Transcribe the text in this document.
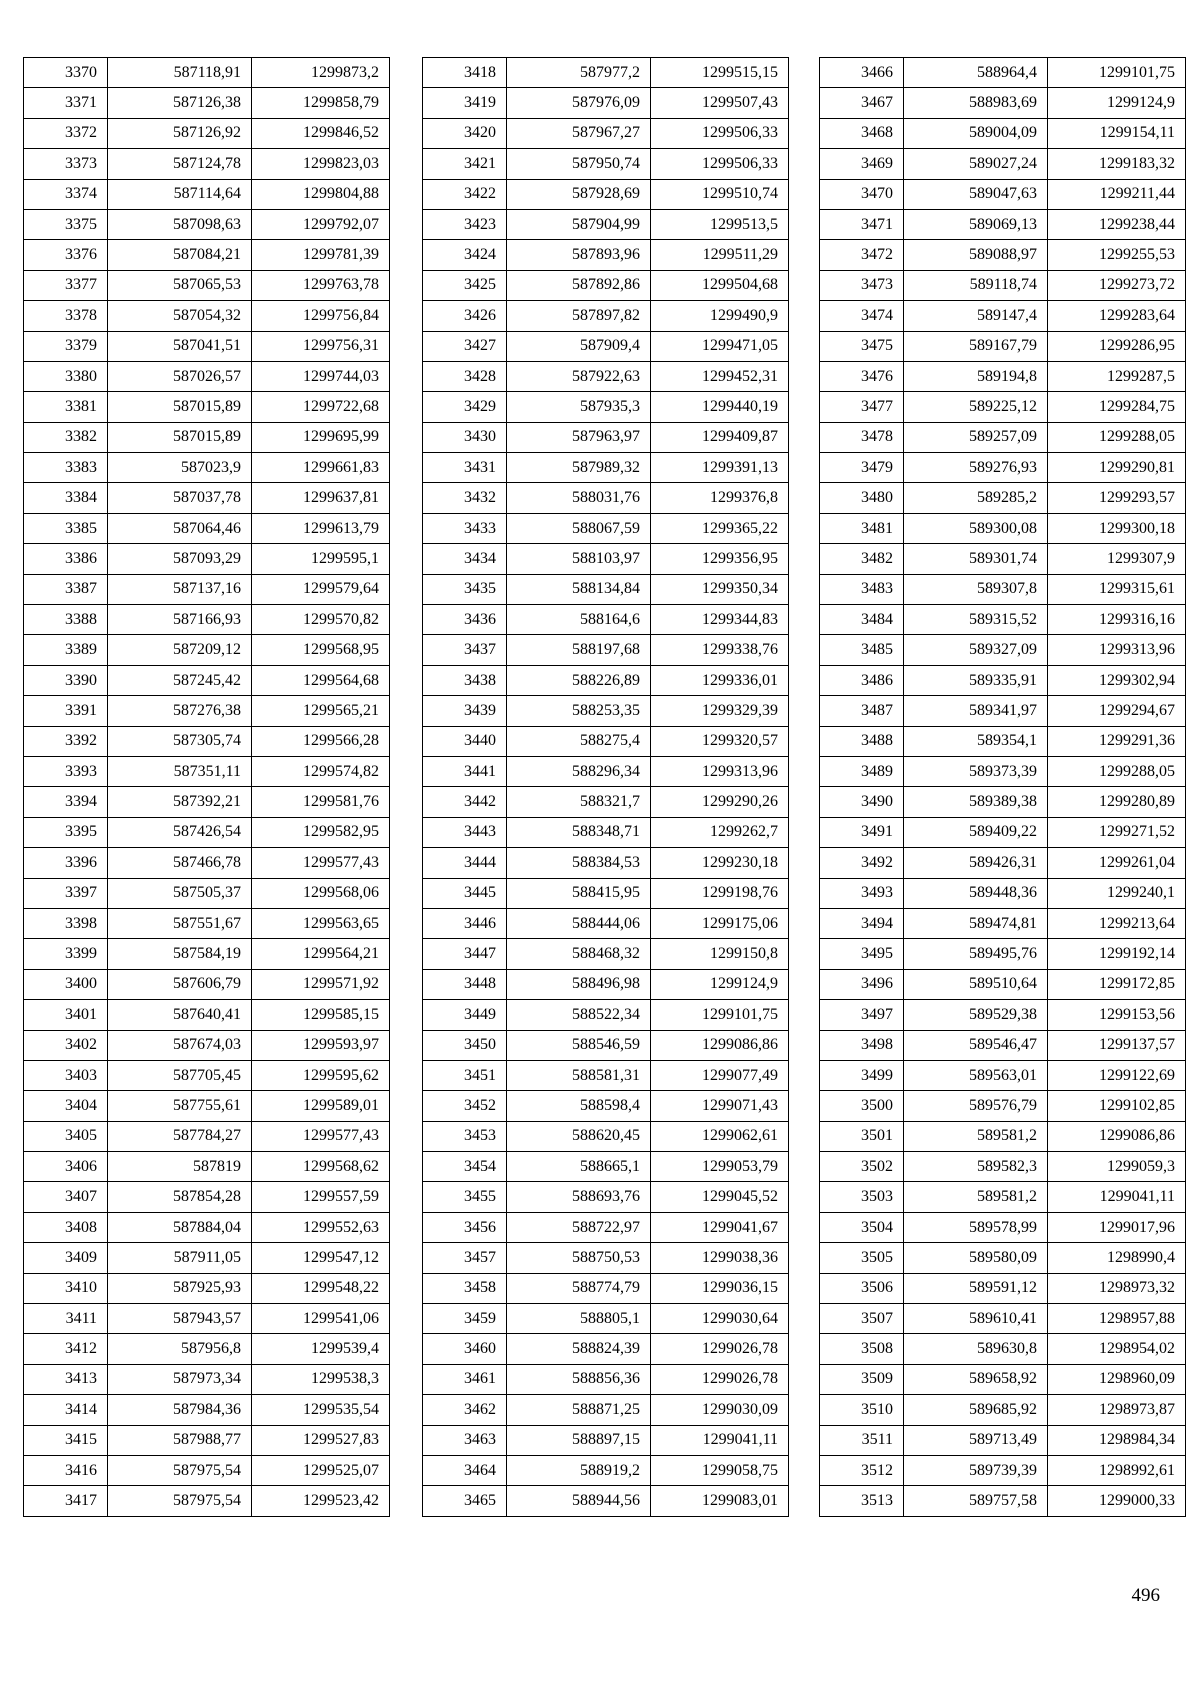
3370	587118,91	1299873,2
3371	587126,38	1299858,79
3372	587126,92	1299846,52
3373	587124,78	1299823,03
3374	587114,64	1299804,88
3375	587098,63	1299792,07
3376	587084,21	1299781,39
3377	587065,53	1299763,78
3378	587054,32	1299756,84
3379	587041,51	1299756,31
3380	587026,57	1299744,03
3381	587015,89	1299722,68
3382	587015,89	1299695,99
3383	587023,9	1299661,83
3384	587037,78	1299637,81
3385	587064,46	1299613,79
3386	587093,29	1299595,1
3387	587137,16	1299579,64
3388	587166,93	1299570,82
3389	587209,12	1299568,95
3390	587245,42	1299564,68
3391	587276,38	1299565,21
3392	587305,74	1299566,28
3393	587351,11	1299574,82
3394	587392,21	1299581,76
3395	587426,54	1299582,95
3396	587466,78	1299577,43
3397	587505,37	1299568,06
3398	587551,67	1299563,65
3399	587584,19	1299564,21
3400	587606,79	1299571,92
3401	587640,41	1299585,15
3402	587674,03	1299593,97
3403	587705,45	1299595,62
3404	587755,61	1299589,01
3405	587784,27	1299577,43
3406	587819	1299568,62
3407	587854,28	1299557,59
3408	587884,04	1299552,63
3409	587911,05	1299547,12
3410	587925,93	1299548,22
3411	587943,57	1299541,06
3412	587956,8	1299539,4
3413	587973,34	1299538,3
3414	587984,36	1299535,54
3415	587988,77	1299527,83
3416	587975,54	1299525,07
3417	587975,54	1299523,42
3418	587977,2	1299515,15
3419	587976,09	1299507,43
3420	587967,27	1299506,33
3421	587950,74	1299506,33
3422	587928,69	1299510,74
3423	587904,99	1299513,5
3424	587893,96	1299511,29
3425	587892,86	1299504,68
3426	587897,82	1299490,9
3427	587909,4	1299471,05
3428	587922,63	1299452,31
3429	587935,3	1299440,19
3430	587963,97	1299409,87
3431	587989,32	1299391,13
3432	588031,76	1299376,8
3433	588067,59	1299365,22
3434	588103,97	1299356,95
3435	588134,84	1299350,34
3436	588164,6	1299344,83
3437	588197,68	1299338,76
3438	588226,89	1299336,01
3439	588253,35	1299329,39
3440	588275,4	1299320,57
3441	588296,34	1299313,96
3442	588321,7	1299290,26
3443	588348,71	1299262,7
3444	588384,53	1299230,18
3445	588415,95	1299198,76
3446	588444,06	1299175,06
3447	588468,32	1299150,8
3448	588496,98	1299124,9
3449	588522,34	1299101,75
3450	588546,59	1299086,86
3451	588581,31	1299077,49
3452	588598,4	1299071,43
3453	588620,45	1299062,61
3454	588665,1	1299053,79
3455	588693,76	1299045,52
3456	588722,97	1299041,67
3457	588750,53	1299038,36
3458	588774,79	1299036,15
3459	588805,1	1299030,64
3460	588824,39	1299026,78
3461	588856,36	1299026,78
3462	588871,25	1299030,09
3463	588897,15	1299041,11
3464	588919,2	1299058,75
3465	588944,56	1299083,01
3466	588964,4	1299101,75
3467	588983,69	1299124,9
3468	589004,09	1299154,11
3469	589027,24	1299183,32
3470	589047,63	1299211,44
3471	589069,13	1299238,44
3472	589088,97	1299255,53
3473	589118,74	1299273,72
3474	589147,4	1299283,64
3475	589167,79	1299286,95
3476	589194,8	1299287,5
3477	589225,12	1299284,75
3478	589257,09	1299288,05
3479	589276,93	1299290,81
3480	589285,2	1299293,57
3481	589300,08	1299300,18
3482	589301,74	1299307,9
3483	589307,8	1299315,61
3484	589315,52	1299316,16
3485	589327,09	1299313,96
3486	589335,91	1299302,94
3487	589341,97	1299294,67
3488	589354,1	1299291,36
3489	589373,39	1299288,05
3490	589389,38	1299280,89
3491	589409,22	1299271,52
3492	589426,31	1299261,04
3493	589448,36	1299240,1
3494	589474,81	1299213,64
3495	589495,76	1299192,14
3496	589510,64	1299172,85
3497	589529,38	1299153,56
3498	589546,47	1299137,57
3499	589563,01	1299122,69
3500	589576,79	1299102,85
3501	589581,2	1299086,86
3502	589582,3	1299059,3
3503	589581,2	1299041,11
3504	589578,99	1299017,96
3505	589580,09	1298990,4
3506	589591,12	1298973,32
3507	589610,41	1298957,88
3508	589630,8	1298954,02
3509	589658,92	1298960,09
3510	589685,92	1298973,87
3511	589713,49	1298984,34
3512	589739,39	1298992,61
3513	589757,58	1299000,33
496
